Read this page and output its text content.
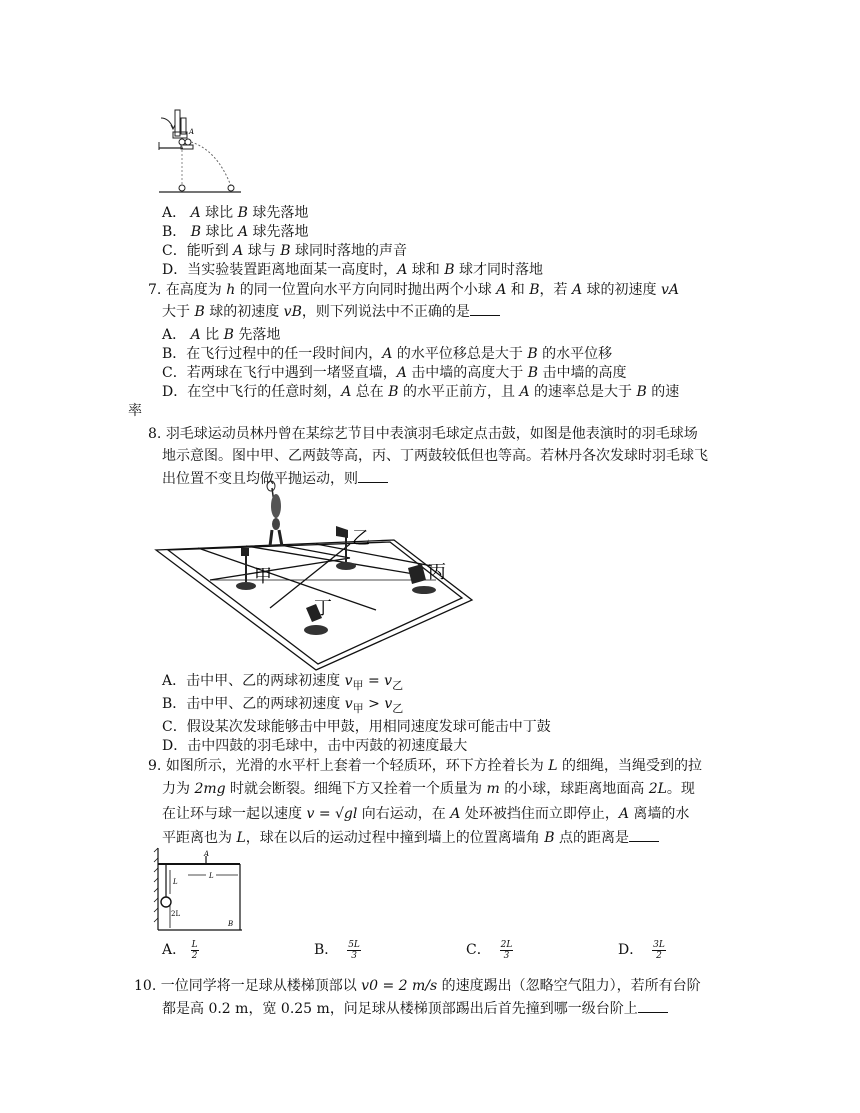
A
A． A 球比 B 球先落地
B． B 球比 A 球先落地
C．能听到 A 球与 B 球同时落地的声音
D．当实验装置距离地面某一高度时，A 球和 B 球才同时落地
7. 在高度为 h 的同一位置向水平方向同时抛出两个小球 A 和 B，若 A 球的初速度 vA
大于 B 球的初速度 vB，则下列说法中不正确的是
A． A 比 B 先落地
B．在飞行过程中的任一段时间内，A 的水平位移总是大于 B 的水平位移
C．若两球在飞行中遇到一堵竖直墙，A 击中墙的高度大于 B 击中墙的高度
D．在空中飞行的任意时刻，A 总在 B 的水平正前方，且 A 的速率总是大于 B 的速
率
8. 羽毛球运动员林丹曾在某综艺节目中表演羽毛球定点击鼓，如图是他表演时的羽毛球场
地示意图。图中甲、乙两鼓等高，丙、丁两鼓较低但也等高。若林丹各次发球时羽毛球飞
出位置不变且均做平抛运动，则
甲
乙
丙
丁
A．击中甲、乙的两球初速度 $v_甲 = v_乙$
B．击中甲、乙的两球初速度 $v_甲 > v_乙$
C．假设某次发球能够击中甲鼓，用相同速度发球可能击中丁鼓
D．击中四鼓的羽毛球中，击中丙鼓的初速度最大
9. 如图所示，光滑的水平杆上套着一个轻质环，环下方拴着长为 L 的细绳，当绳受到的拉
力为 2mg 时就会断裂。细绳下方又拴着一个质量为 m 的小球，球距离地面高 2L。现
在让环与球一起以速度 v = √gl 向右运动，在 A 处环被挡住而立即停止，A 离墙的水
平距离也为 L，球在以后的运动过程中撞到墙上的位置离墙角 B 点的距离是
A
L
L
2L
B
A． $\frac{L}{2}$	B． $\frac{5L}{3}$	C． $\frac{2L}{3}$	D． $\frac{3L}{2}$
10. 一位同学将一足球从楼梯顶部以 v0 = 2 m/s 的速度踢出（忽略空气阻力），若所有台阶
都是高 0.2 m，宽 0.25 m，问足球从楼梯顶部踢出后首先撞到哪一级台阶上
